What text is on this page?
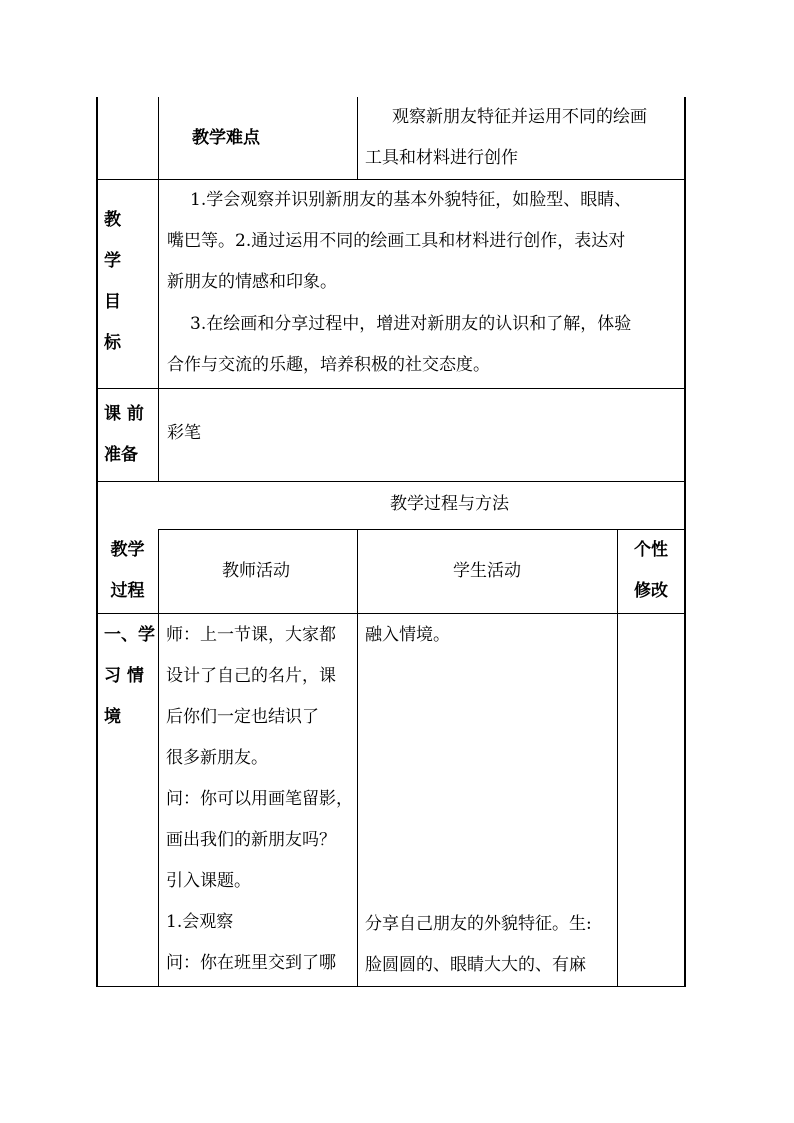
教学难点
观察新朋友特征并运用不同的绘画
工具和材料进行创作
教
学
目
标
1.学会观察并识别新朋友的基本外貌特征，如脸型、眼睛、
嘴巴等。2.通过运用不同的绘画工具和材料进行创作，表达对
新朋友的情感和印象。
3.在绘画和分享过程中，增进对新朋友的认识和了解，体验
合作与交流的乐趣，培养积极的社交态度。
课 前
准备
彩笔
教学过程与方法
教学
过程
教师活动	学生活动
个性
修改
一、学
习 情
境
师：上一节课，大家都
设计了自己的名片，课
后你们一定也结识了
很多新朋友。
问：你可以用画笔留影，
画出我们的新朋友吗？
引入课题。
1.会观察
问：你在班里交到了哪
融入情境。
分享自己朋友的外貌特征。生:
脸圆圆的、眼睛大大的、有麻
